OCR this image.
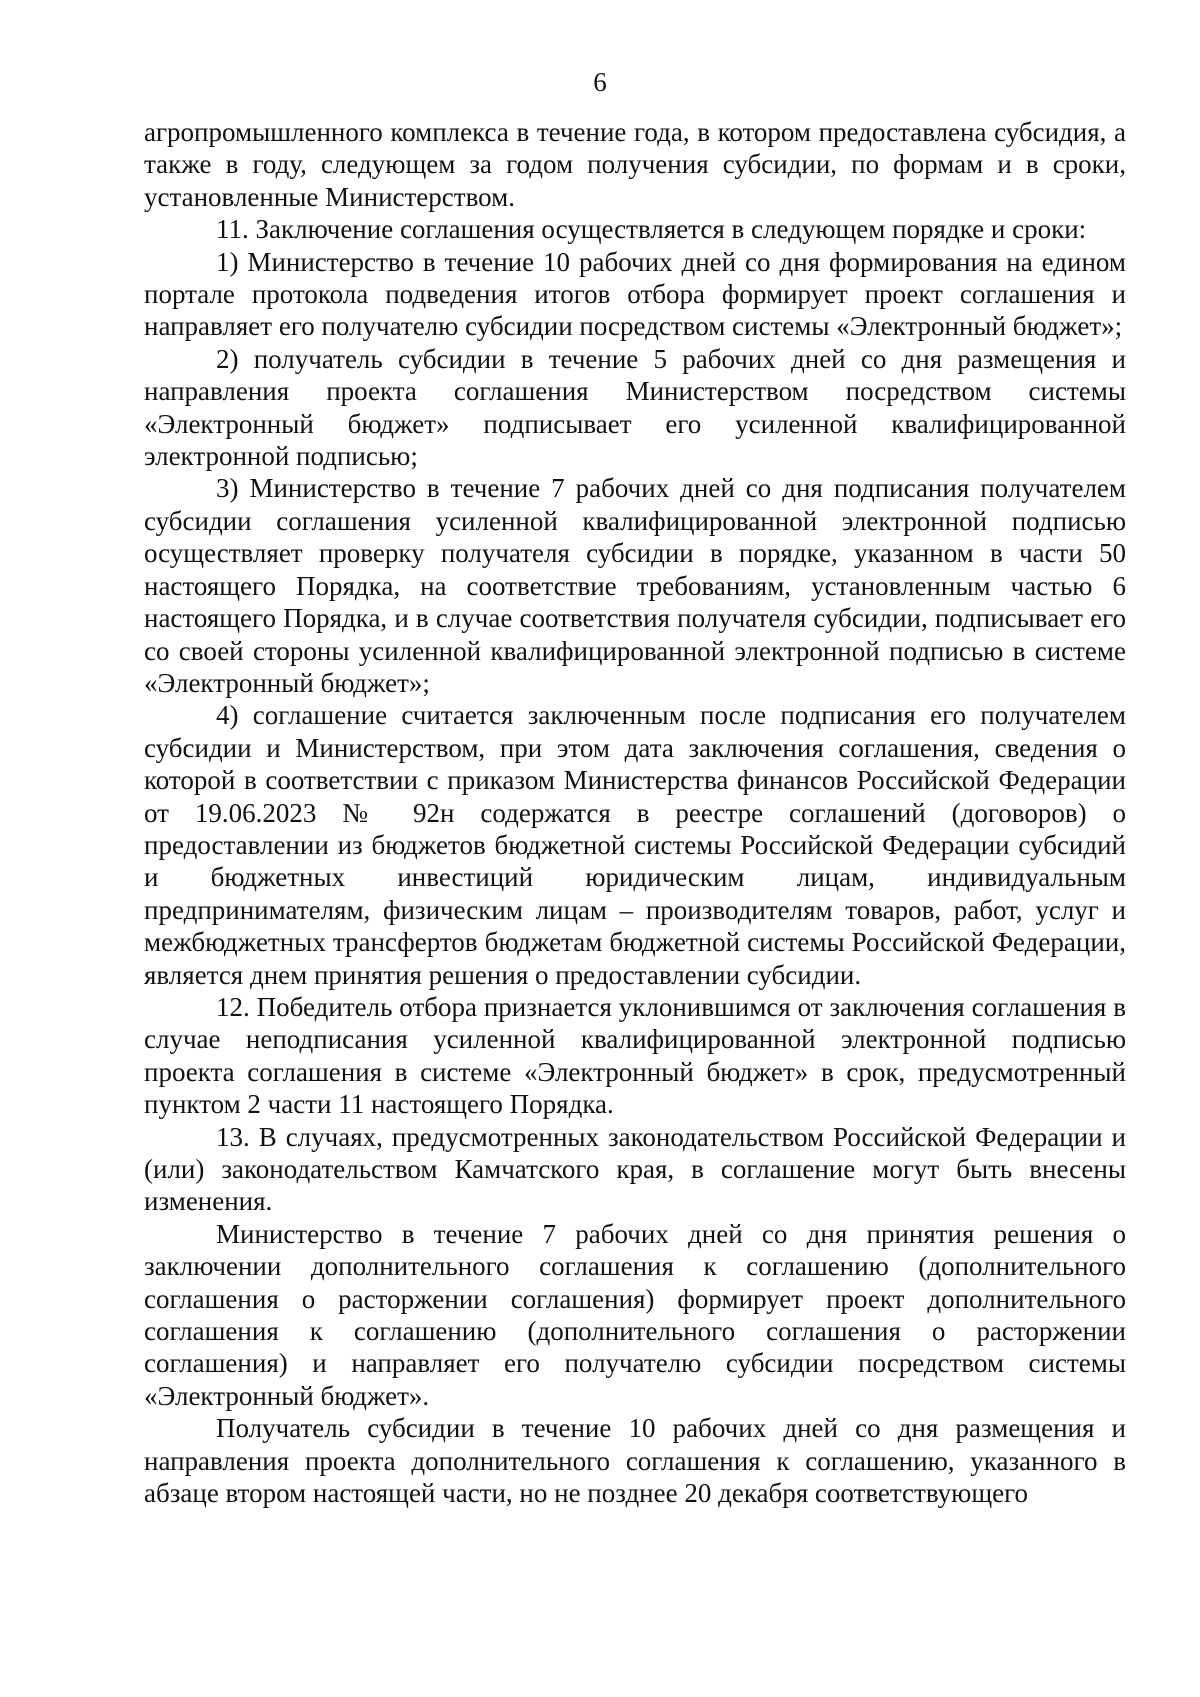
6

агропромышленного комплекса в течение года, в котором предоставлена субсидия, а также в году, следующем за годом получения субсидии, по формам и в сроки, установленные Министерством.

11. Заключение соглашения осуществляется в следующем порядке и сроки:

1) Министерство в течение 10 рабочих дней со дня формирования на едином портале протокола подведения итогов отбора формирует проект соглашения и направляет его получателю субсидии посредством системы «Электронный бюджет»;

2) получатель субсидии в течение 5 рабочих дней со дня размещения и направления проекта соглашения Министерством посредством системы «Электронный бюджет» подписывает его усиленной квалифицированной электронной подписью;

3) Министерство в течение 7 рабочих дней со дня подписания получателем субсидии соглашения усиленной квалифицированной электронной подписью осуществляет проверку получателя субсидии в порядке, указанном в части 50 настоящего Порядка, на соответствие требованиям, установленным частью 6 настоящего Порядка, и в случае соответствия получателя субсидии, подписывает его со своей стороны усиленной квалифицированной электронной подписью в системе «Электронный бюджет»;

4) соглашение считается заключенным после подписания его получателем субсидии и Министерством, при этом дата заключения соглашения, сведения о которой в соответствии с приказом Министерства финансов Российской Федерации от 19.06.2023 № 92н содержатся в реестре соглашений (договоров) о предоставлении из бюджетов бюджетной системы Российской Федерации субсидий и бюджетных инвестиций юридическим лицам, индивидуальным предпринимателям, физическим лицам – производителям товаров, работ, услуг и межбюджетных трансфертов бюджетам бюджетной системы Российской Федерации, является днем принятия решения о предоставлении субсидии.

12. Победитель отбора признается уклонившимся от заключения соглашения в случае неподписания усиленной квалифицированной электронной подписью проекта соглашения в системе «Электронный бюджет» в срок, предусмотренный пунктом 2 части 11 настоящего Порядка.

13. В случаях, предусмотренных законодательством Российской Федерации и (или) законодательством Камчатского края, в соглашение могут быть внесены изменения.

Министерство в течение 7 рабочих дней со дня принятия решения о заключении дополнительного соглашения к соглашению (дополнительного соглашения о расторжении соглашения) формирует проект дополнительного соглашения к соглашению (дополнительного соглашения о расторжении соглашения) и направляет его получателю субсидии посредством системы «Электронный бюджет».

Получатель субсидии в течение 10 рабочих дней со дня размещения и направления проекта дополнительного соглашения к соглашению, указанного в абзаце втором настоящей части, но не позднее 20 декабря соответствующего
